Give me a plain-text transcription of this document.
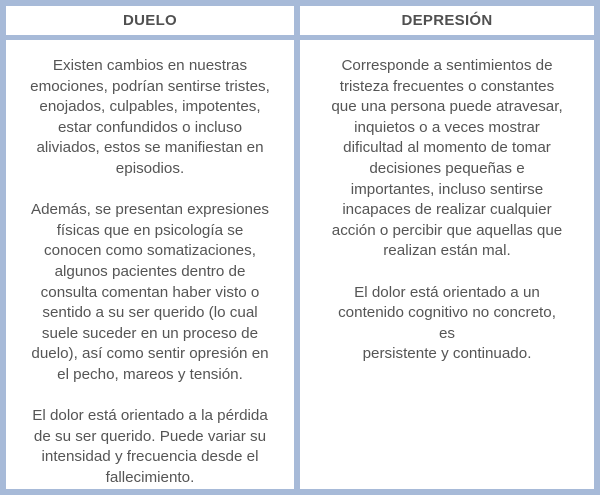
DUELO	DEPRESIÓN

Existen cambios en nuestras
emociones, podrían sentirse tristes,
enojados, culpables, impotentes,
estar confundidos o incluso
aliviados, estos se manifiestan en
episodios.

Además, se presentan expresiones
físicas que en psicología se
conocen como somatizaciones,
algunos pacientes dentro de
consulta comentan haber visto o
sentido a su ser querido (lo cual
suele suceder en un proceso de
duelo), así como sentir opresión en
el pecho, mareos y tensión.

El dolor está orientado a la pérdida
de su ser querido. Puede variar su
intensidad y frecuencia desde el
fallecimiento.

Corresponde a sentimientos de
tristeza frecuentes o constantes
que una persona puede atravesar,
inquietos o a veces mostrar
dificultad al momento de tomar
decisiones pequeñas e
importantes, incluso sentirse
incapaces de realizar cualquier
acción o percibir que aquellas que
realizan están mal.

El dolor está orientado a un
contenido cognitivo no concreto,
es
persistente y continuado.
